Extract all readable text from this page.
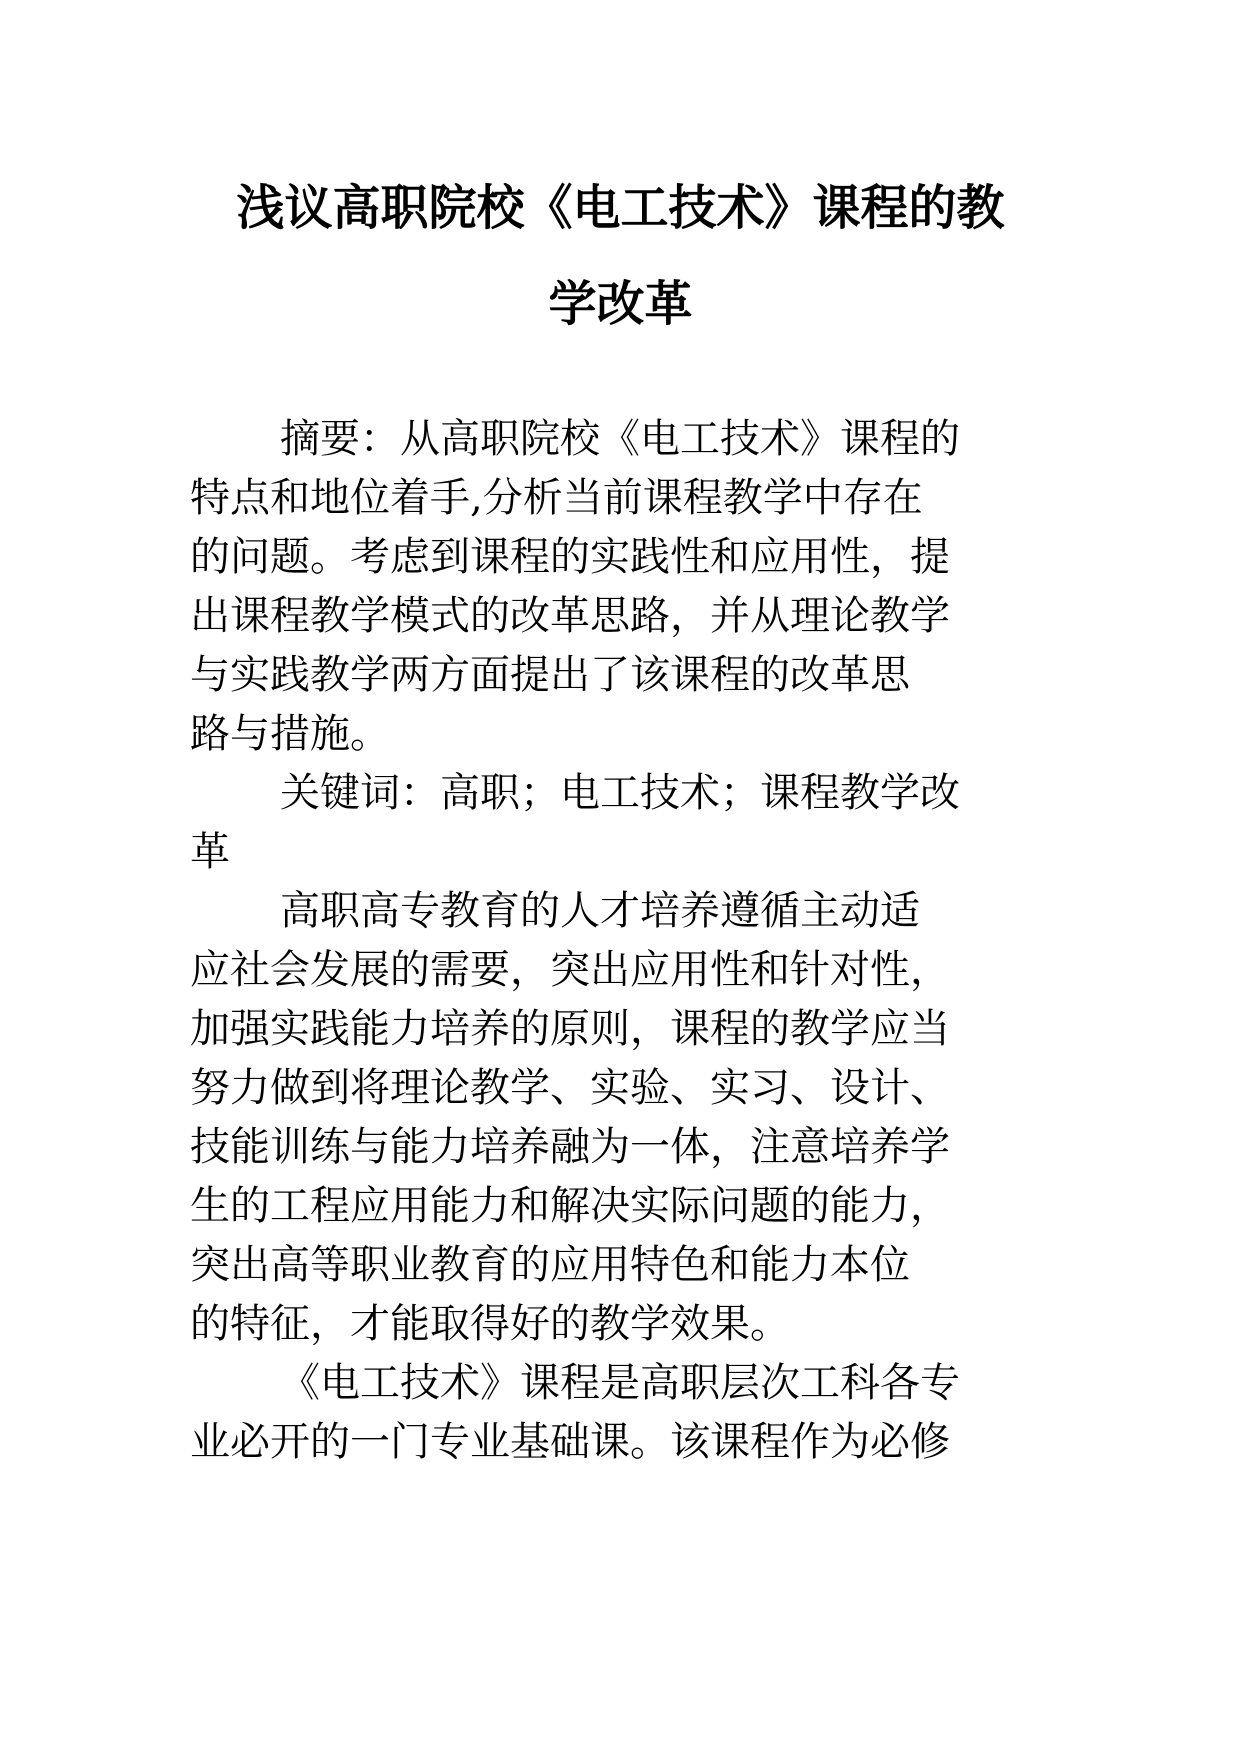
浅议高职院校《电工技术》课程的教
学改革
摘要：从高职院校《电工技术》课程的
特点和地位着手,分析当前课程教学中存在
的问题。考虑到课程的实践性和应用性，提
出课程教学模式的改革思路，并从理论教学
与实践教学两方面提出了该课程的改革思
路与措施。
关键词：高职；电工技术；课程教学改
革
高职高专教育的人才培养遵循主动适
应社会发展的需要，突出应用性和针对性，
加强实践能力培养的原则，课程的教学应当
努力做到将理论教学、实验、实习、设计、
技能训练与能力培养融为一体，注意培养学
生的工程应用能力和解决实际问题的能力，
突出高等职业教育的应用特色和能力本位
的特征，才能取得好的教学效果。
《电工技术》课程是高职层次工科各专
业必开的一门专业基础课。该课程作为必修
